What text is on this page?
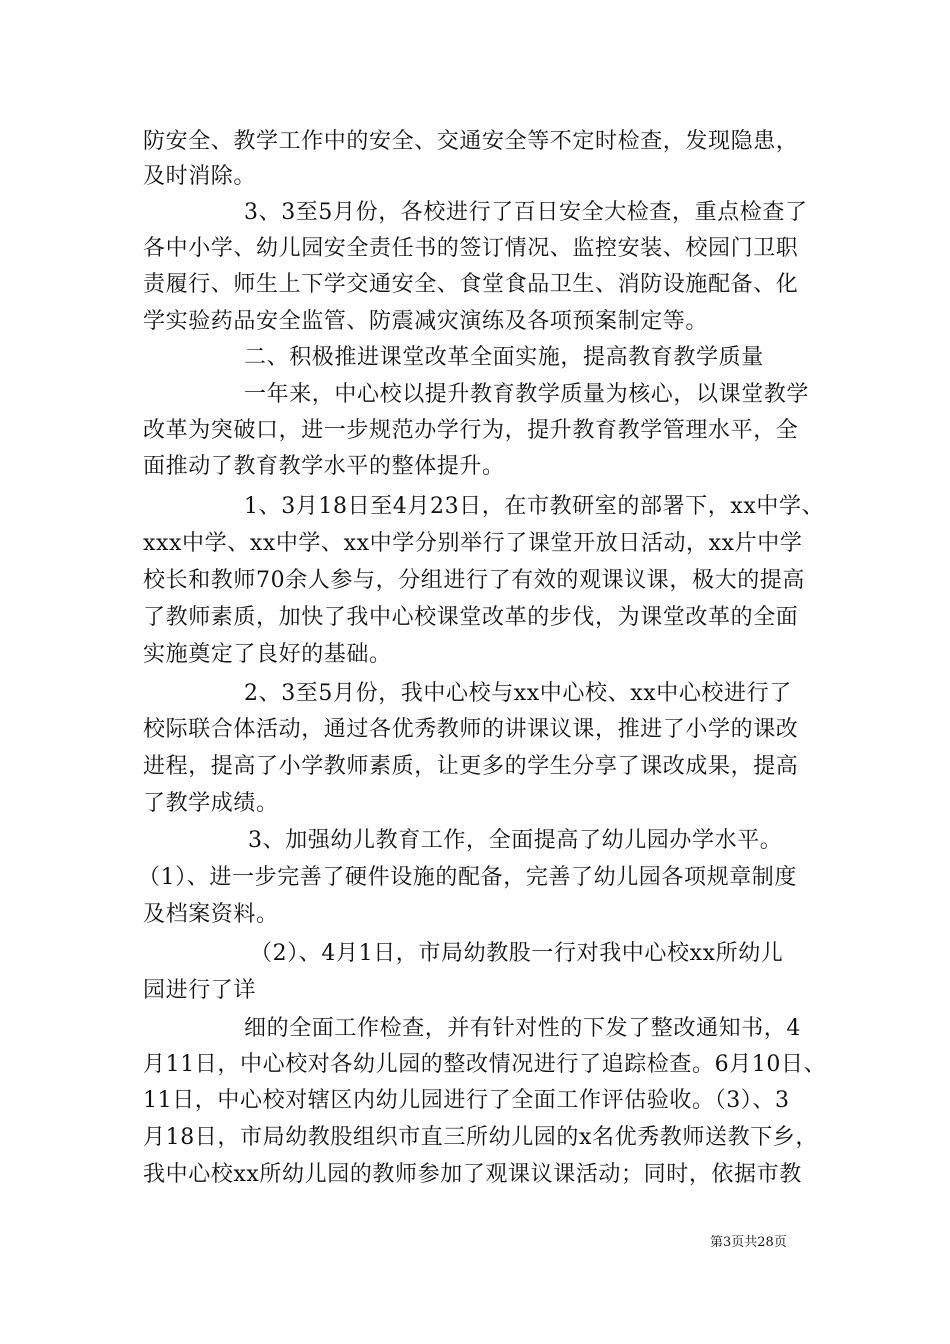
防安全、教学工作中的安全、交通安全等不定时检查，发现隐患，
及时消除。
3、3至5月份，各校进行了百日安全大检查，重点检查了
各中小学、幼儿园安全责任书的签订情况、监控安装、校园门卫职
责履行、师生上下学交通安全、食堂食品卫生、消防设施配备、化
学实验药品安全监管、防震减灾演练及各项预案制定等。
二、积极推进课堂改革全面实施，提高教育教学质量
一年来，中心校以提升教育教学质量为核心，以课堂教学
改革为突破口，进一步规范办学行为，提升教育教学管理水平，全
面推动了教育教学水平的整体提升。
1、3月18日至4月23日，在市教研室的部署下，xx中学、
xxx中学、xx中学、xx中学分别举行了课堂开放日活动，xx片中学
校长和教师70余人参与，分组进行了有效的观课议课，极大的提高
了教师素质，加快了我中心校课堂改革的步伐，为课堂改革的全面
实施奠定了良好的基础。
2、3至5月份，我中心校与xx中心校、xx中心校进行了
校际联合体活动，通过各优秀教师的讲课议课，推进了小学的课改
进程，提高了小学教师素质，让更多的学生分享了课改成果，提高
了教学成绩。
3、加强幼儿教育工作，全面提高了幼儿园办学水平。
（1）、进一步完善了硬件设施的配备，完善了幼儿园各项规章制度
及档案资料。
（2）、4月1日，市局幼教股一行对我中心校xx所幼儿
园进行了详
细的全面工作检查，并有针对性的下发了整改通知书，4
月11日，中心校对各幼儿园的整改情况进行了追踪检查。6月10日、
11日，中心校对辖区内幼儿园进行了全面工作评估验收。（3）、3
月18日，市局幼教股组织市直三所幼儿园的x名优秀教师送教下乡，
我中心校xx所幼儿园的教师参加了观课议课活动；同时，依据市教
第3页共28页
